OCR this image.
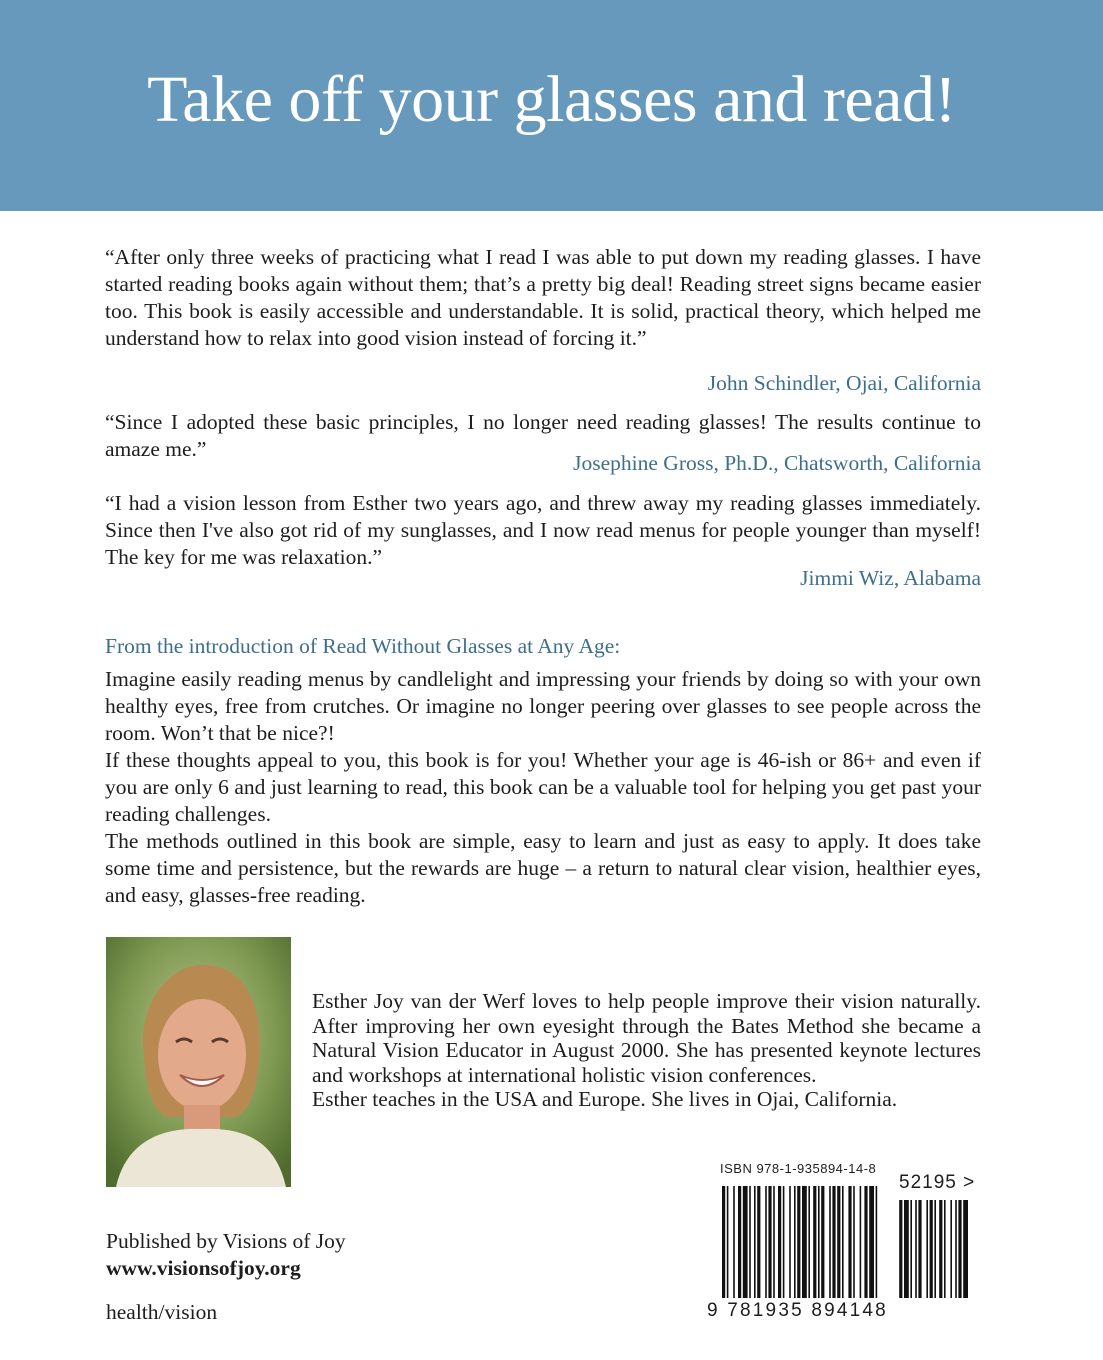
Take off your glasses and read!
“After only three weeks of practicing what I read I was able to put down my reading glasses. I have started reading books again without them; that’s a pretty big deal! Reading street signs became easier too. This book is easily accessible and understandable. It is solid, practical theory, which helped me understand how to relax into good vision instead of forcing it.”
John Schindler, Ojai, California
“Since I adopted these basic principles, I no longer need reading glasses! The results continue to amaze me.”
Josephine Gross, Ph.D., Chatsworth, California
“I had a vision lesson from Esther two years ago, and threw away my reading glasses immediately. Since then I've also got rid of my sunglasses, and I now read menus for people younger than myself! The key for me was relaxation.”
Jimmi Wiz, Alabama
From the introduction of Read Without Glasses at Any Age:

Imagine easily reading menus by candlelight and impressing your friends by doing so with your own healthy eyes, free from crutches. Or imagine no longer peering over glasses to see people across the room. Won’t that be nice?!

If these thoughts appeal to you, this book is for you! Whether your age is 46-ish or 86+ and even if you are only 6 and just learning to read, this book can be a valuable tool for helping you get past your reading challenges.

The methods outlined in this book are simple, easy to learn and just as easy to apply. It does take some time and persistence, but the rewards are huge – a return to natural clear vision, healthier eyes, and easy, glasses-free reading.

Esther Joy van der Werf loves to help people improve their vision naturally. After improving her own eyesight through the Bates Method she became a Natural Vision Educator in August 2000. She has presented keynote lectures and workshops at international holistic vision conferences.

Esther teaches in the USA and Europe. She lives in Ojai, California.

Published by Visions of Joy
www.visionsofjoy.org
health/vision
ISBN 978-1-935894-14-8
52195 >
9 781935 894148
